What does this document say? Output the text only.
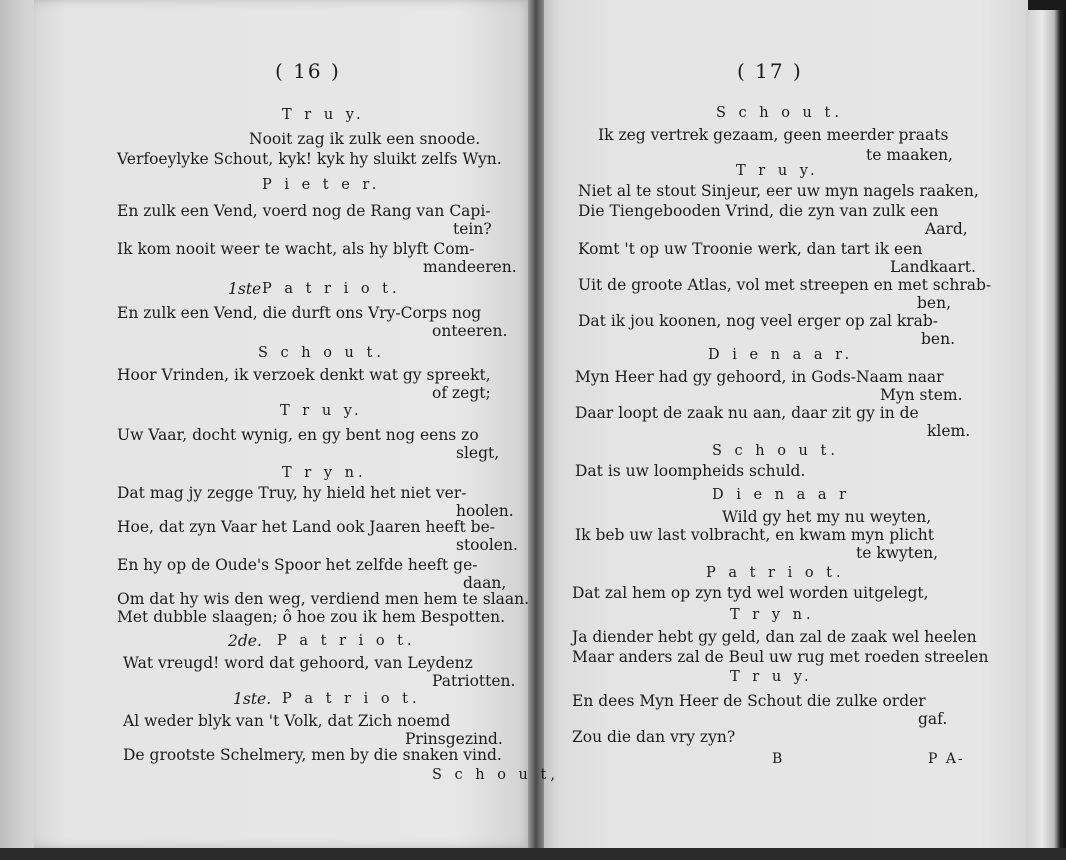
( 16 )
T r u y.
Nooit zag ik zulk een snoode.
Verfoeylyke Schout, kyk! kyk hy sluikt zelfs Wyn.
P i e t e r.
En zulk een Vend, voerd nog de Rang van Capi-
tein?
Ik kom nooit weer te wacht, als hy blyft Com-
mandeeren.
1ste P a t r i o t.
En zulk een Vend, die durft ons Vry-Corps nog
onteeren.
S c h o u t.
Hoor Vrinden, ik verzoek denkt wat gy spreekt,
of zegt;
T r u y.
Uw Vaar, docht wynig, en gy bent nog eens zo
slegt,
T r y n.
Dat mag jy zegge Truy, hy hield het niet ver-
hoolen.
Hoe, dat zyn Vaar het Land ook Jaaren heeft be-
stoolen.
En hy op de Oude's Spoor het zelfde heeft ge-
daan,
Om dat hy wis den weg, verdiend men hem te slaan.
Met dubble slaagen; ô hoe zou ik hem Bespotten.
2de. P a t r i o t.
Wat vreugd! word dat gehoord, van Leydenz
Patriotten.
1ste. P a t r i o t.
Al weder blyk van 't Volk, dat Zich noemd
Prinsgezind.
De grootste Schelmery, men by die snaken vind.
S c h o u t,
( 17 )
S c h o u t.
Ik zeg vertrek gezaam, geen meerder praats
te maaken,
T r u y.
Niet al te stout Sinjeur, eer uw myn nagels raaken,
Die Tiengebooden Vrind, die zyn van zulk een
Aard,
Komt 't op uw Troonie werk, dan tart ik een
Landkaart.
Uit de groote Atlas, vol met streepen en met schrab-
ben,
Dat ik jou koonen, nog veel erger op zal krab-
ben.
D i e n a a r.
Myn Heer had gy gehoord, in Gods-Naam naar
Myn stem.
Daar loopt de zaak nu aan, daar zit gy in de
klem.
S c h o u t.
Dat is uw loompheids schuld.
D i e n a a r
Wild gy het my nu weyten,
Ik beb uw last volbracht, en kwam myn plicht
te kwyten,
P a t r i o t.
Dat zal hem op zyn tyd wel worden uitgelegt,
T r y n.
Ja diender hebt gy geld, dan zal de zaak wel heelen
Maar anders zal de Beul uw rug met roeden streelen
T r u y.
En dees Myn Heer de Schout die zulke order
gaf.
Zou die dan vry zyn?
B	P A-
